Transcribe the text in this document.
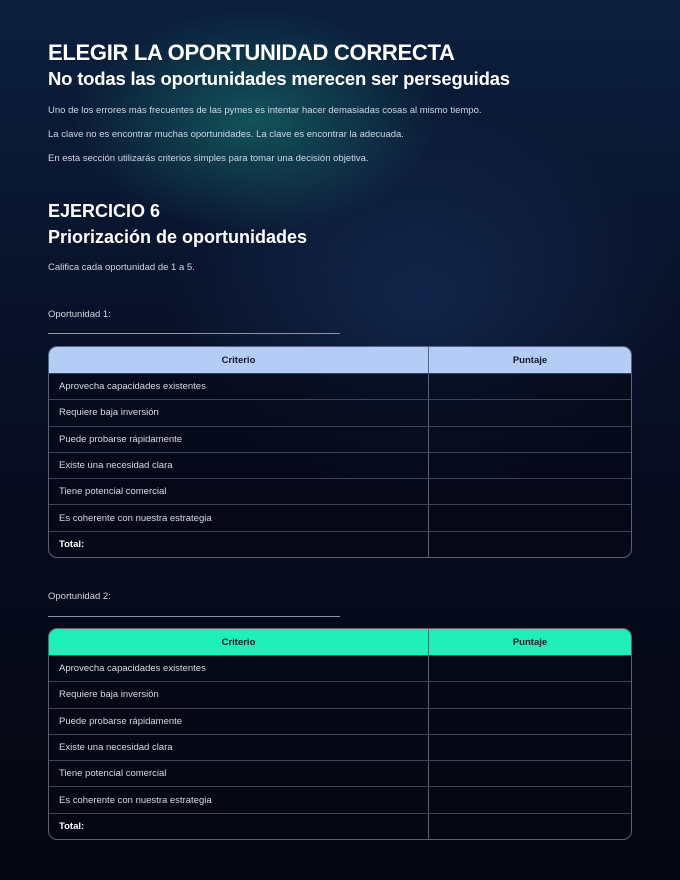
ELEGIR LA OPORTUNIDAD CORRECTA
No todas las oportunidades merecen ser perseguidas
Uno de los errores más frecuentes de las pymes es intentar hacer demasiadas cosas al mismo tiempo.
La clave no es encontrar muchas oportunidades. La clave es encontrar la adecuada.
En esta sección utilizarás criterios simples para tomar una decisión objetiva.
EJERCICIO 6
Priorización de oportunidades
Califica cada oportunidad de 1 a 5.
Oportunidad 1:
Criterio	Puntaje
Aprovecha capacidades existentes
Requiere baja inversión
Puede probarse rápidamente
Existe una necesidad clara
Tiene potencial comercial
Es coherente con nuestra estrategia
Total:
Oportunidad 2:
Criterio	Puntaje
Aprovecha capacidades existentes
Requiere baja inversión
Puede probarse rápidamente
Existe una necesidad clara
Tiene potencial comercial
Es coherente con nuestra estrategia
Total:
